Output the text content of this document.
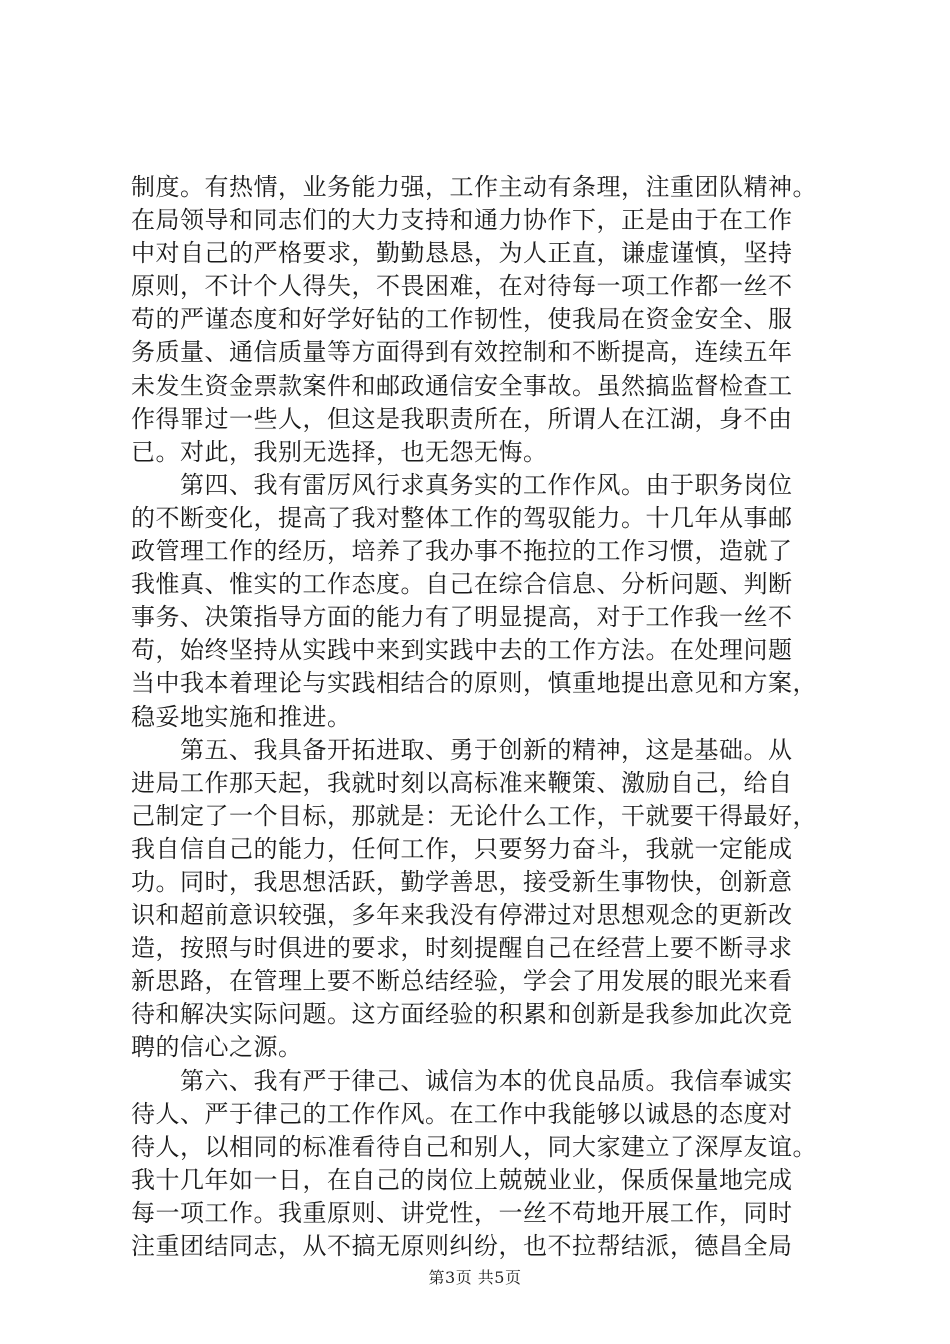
制度。有热情，业务能力强，工作主动有条理，注重团队精神。
在局领导和同志们的大力支持和通力协作下，正是由于在工作
中对自己的严格要求，勤勤恳恳，为人正直，谦虚谨慎，坚持
原则，不计个人得失，不畏困难，在对待每一项工作都一丝不
苟的严谨态度和好学好钻的工作韧性，使我局在资金安全、服
务质量、通信质量等方面得到有效控制和不断提高，连续五年
未发生资金票款案件和邮政通信安全事故。虽然搞监督检查工
作得罪过一些人，但这是我职责所在，所谓人在江湖，身不由
已。对此，我别无选择，也无怨无悔。
　　第四、我有雷厉风行求真务实的工作作风。由于职务岗位
的不断变化，提高了我对整体工作的驾驭能力。十几年从事邮
政管理工作的经历，培养了我办事不拖拉的工作习惯，造就了
我惟真、惟实的工作态度。自己在综合信息、分析问题、判断
事务、决策指导方面的能力有了明显提高，对于工作我一丝不
苟，始终坚持从实践中来到实践中去的工作方法。在处理问题
当中我本着理论与实践相结合的原则，慎重地提出意见和方案，
稳妥地实施和推进。
　　第五、我具备开拓进取、勇于创新的精神，这是基础。从
进局工作那天起，我就时刻以高标准来鞭策、激励自己，给自
己制定了一个目标，那就是：无论什么工作，干就要干得最好，
我自信自己的能力，任何工作，只要努力奋斗，我就一定能成
功。同时，我思想活跃，勤学善思，接受新生事物快，创新意
识和超前意识较强，多年来我没有停滞过对思想观念的更新改
造，按照与时俱进的要求，时刻提醒自己在经营上要不断寻求
新思路，在管理上要不断总结经验，学会了用发展的眼光来看
待和解决实际问题。这方面经验的积累和创新是我参加此次竞
聘的信心之源。
　　第六、我有严于律己、诚信为本的优良品质。我信奉诚实
待人、严于律己的工作作风。在工作中我能够以诚恳的态度对
待人，以相同的标准看待自己和别人，同大家建立了深厚友谊。
我十几年如一日，在自己的岗位上兢兢业业，保质保量地完成
每一项工作。我重原则、讲党性，一丝不苟地开展工作，同时
注重团结同志，从不搞无原则纠纷，也不拉帮结派，德昌全局
第3页 共5页
